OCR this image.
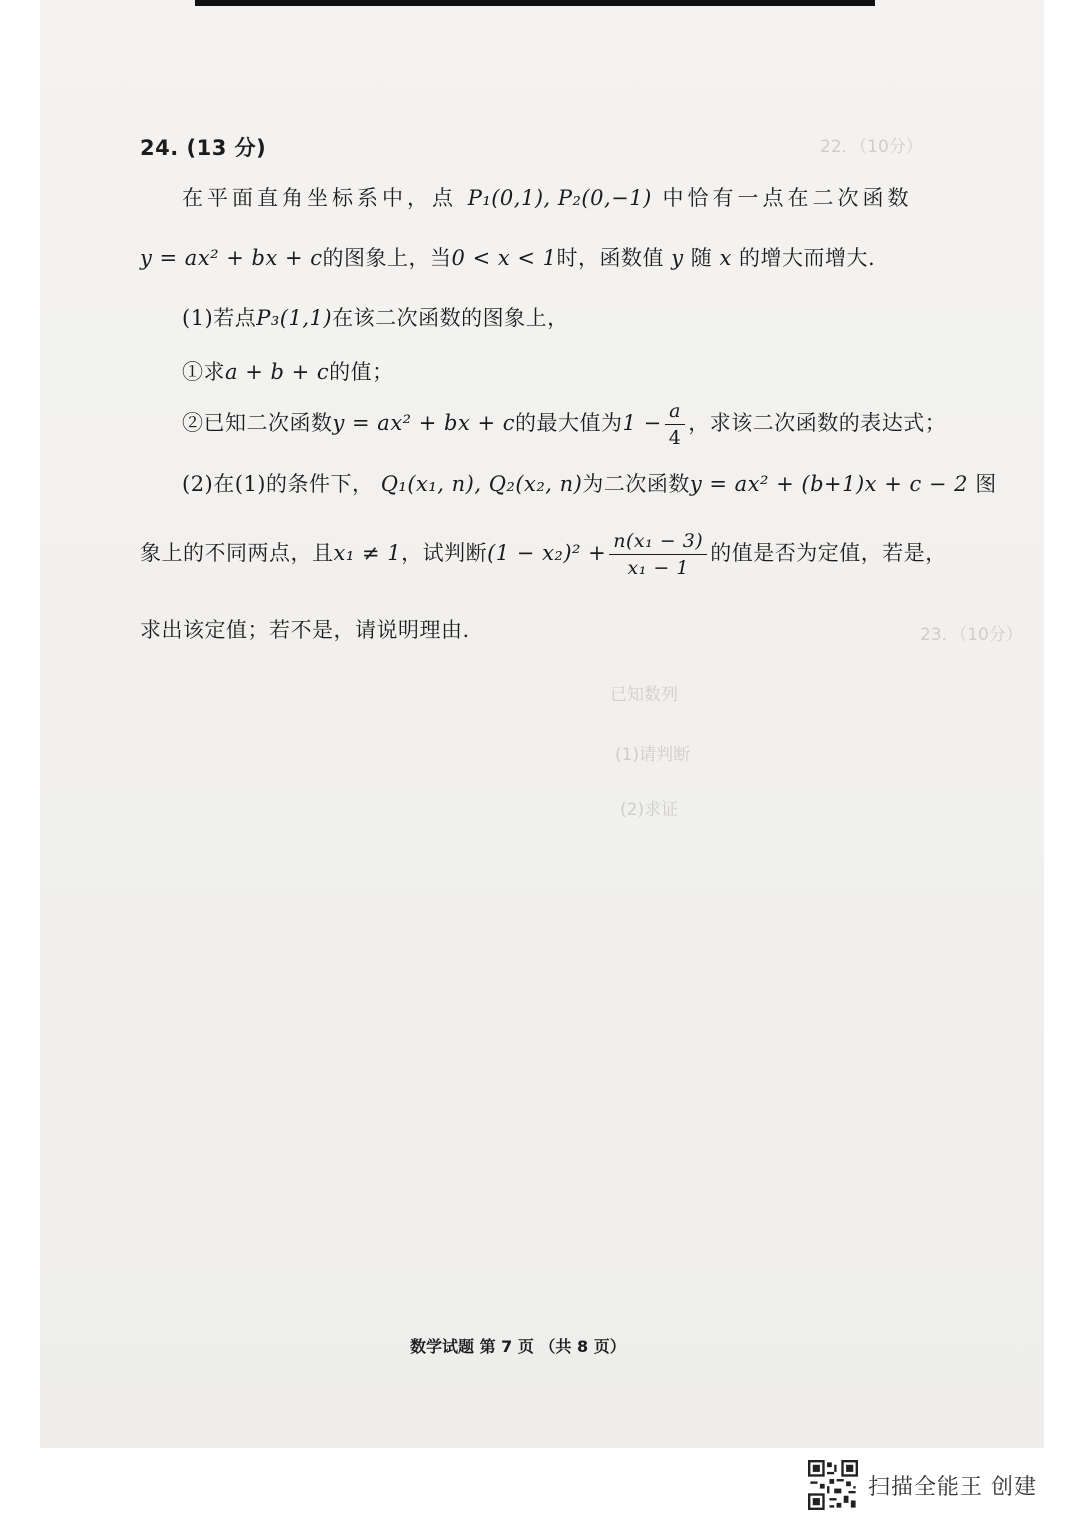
22．（10分）
23．（10分）
已知数列
(1)请判断
(2)求证
24. (13 分)
在平面直角坐标系中，点 P₁(0,1), P₂(0,−1) 中恰有一点在二次函数
y = ax² + bx + c的图象上，当0 < x < 1时，函数值 y 随 x 的增大而增大.
(1)若点P₃(1,1)在该二次函数的图象上，
①求a + b + c的值；
②已知二次函数y = ax² + bx + c的最大值为$1 - \frac{a}{4}$ ，求该二次函数的表达式；
(2)在(1)的条件下， Q₁(x₁, n), Q₂(x₂, n)为二次函数y = ax² + (b+1)x + c − 2 图
象上的不同两点，且x₁ ≠ 1，试判断$(1 - x_2)^2 + \frac{\text{n(x₁ − 3)}}{\text{x₁ − 1}}$ 的值是否为定值，若是，
求出该定值；若不是，请说明理由.
数学试题 第 7 页 （共 8 页）
扫描全能王 创建
